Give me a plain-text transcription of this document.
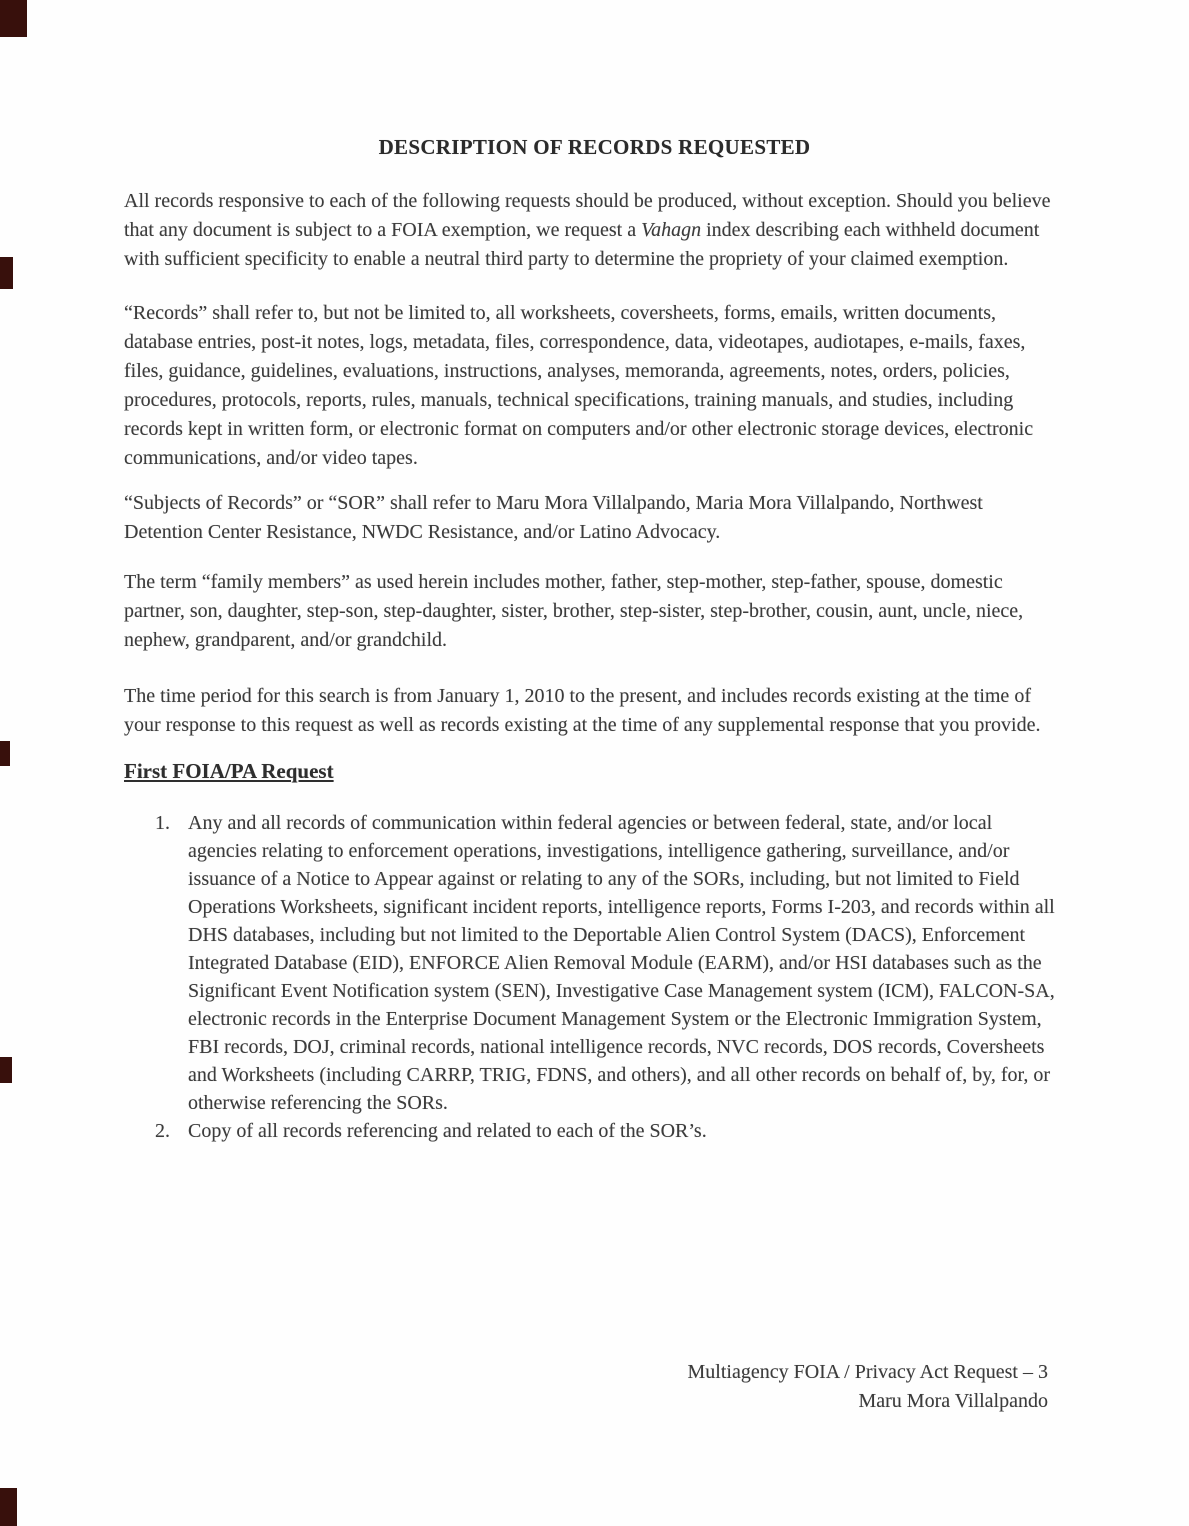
DESCRIPTION OF RECORDS REQUESTED

All records responsive to each of the following requests should be produced, without exception. Should you believe that any document is subject to a FOIA exemption, we request a Vahagn index describing each withheld document with sufficient specificity to enable a neutral third party to determine the propriety of your claimed exemption.

“Records” shall refer to, but not be limited to, all worksheets, coversheets, forms, emails, written documents, database entries, post-it notes, logs, metadata, files, correspondence, data, videotapes, audiotapes, e-mails, faxes, files, guidance, guidelines, evaluations, instructions, analyses, memoranda, agreements, notes, orders, policies, procedures, protocols, reports, rules, manuals, technical specifications, training manuals, and studies, including records kept in written form, or electronic format on computers and/or other electronic storage devices, electronic communications, and/or video tapes.

“Subjects of Records” or “SOR” shall refer to Maru Mora Villalpando, Maria Mora Villalpando, Northwest Detention Center Resistance, NWDC Resistance, and/or Latino Advocacy.

The term “family members” as used herein includes mother, father, step-mother, step-father, spouse, domestic partner, son, daughter, step-son, step-daughter, sister, brother, step-sister, step-brother, cousin, aunt, uncle, niece, nephew, grandparent, and/or grandchild.

The time period for this search is from January 1, 2010 to the present, and includes records existing at the time of your response to this request as well as records existing at the time of any supplemental response that you provide.

First FOIA/PA Request
1. Any and all records of communication within federal agencies or between federal, state, and/or local agencies relating to enforcement operations, investigations, intelligence gathering, surveillance, and/or issuance of a Notice to Appear against or relating to any of the SORs, including, but not limited to Field Operations Worksheets, significant incident reports, intelligence reports, Forms I-203, and records within all DHS databases, including but not limited to the Deportable Alien Control System (DACS), Enforcement Integrated Database (EID), ENFORCE Alien Removal Module (EARM), and/or HSI databases such as the Significant Event Notification system (SEN), Investigative Case Management system (ICM), FALCON-SA, electronic records in the Enterprise Document Management System or the Electronic Immigration System, FBI records, DOJ, criminal records, national intelligence records, NVC records, DOS records, Coversheets and Worksheets (including CARRP, TRIG, FDNS, and others), and all other records on behalf of, by, for, or otherwise referencing the SORs.
2. Copy of all records referencing and related to each of the SOR’s.
Multiagency FOIA / Privacy Act Request – 3
Maru Mora Villalpando
